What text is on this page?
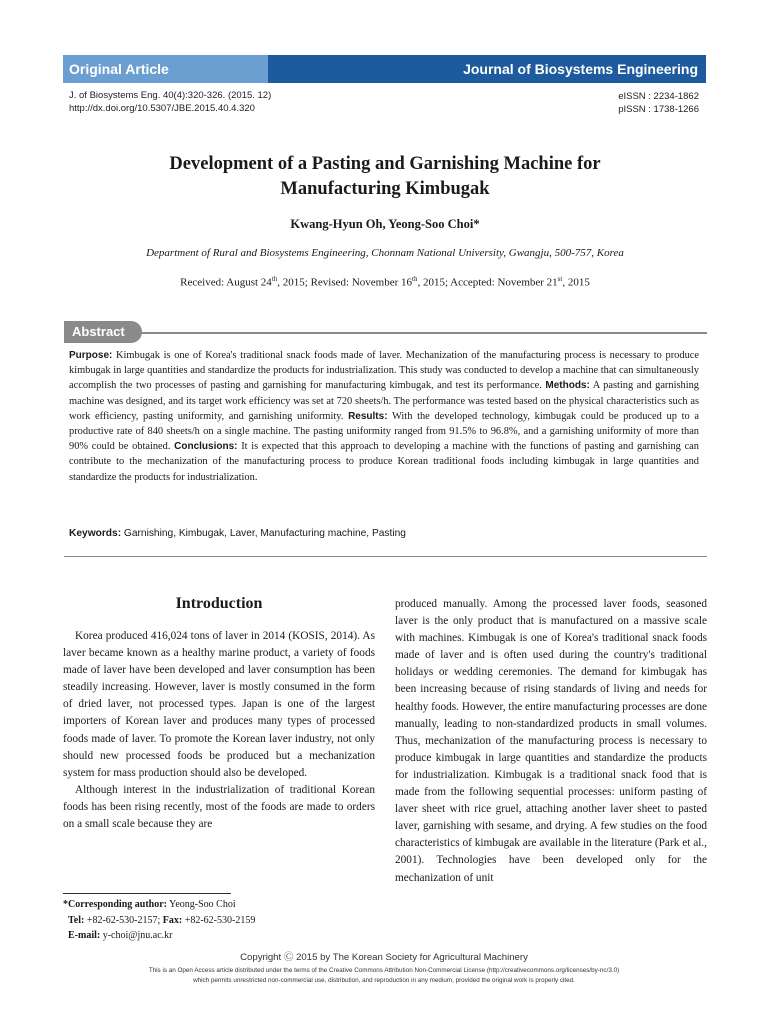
Original Article	Journal of Biosystems Engineering
J. of Biosystems Eng. 40(4):320-326. (2015. 12)
http://dx.doi.org/10.5307/JBE.2015.40.4.320
eISSN : 2234-1862
pISSN : 1738-1266
Development of a Pasting and Garnishing Machine for
Manufacturing Kimbugak
Kwang-Hyun Oh, Yeong-Soo Choi*
Department of Rural and Biosystems Engineering, Chonnam National University, Gwangju, 500-757, Korea
Received: August 24th, 2015; Revised: November 16th, 2015; Accepted: November 21st, 2015
Abstract
Purpose: Kimbugak is one of Korea's traditional snack foods made of laver. Mechanization of the manufacturing process is necessary to produce kimbugak in large quantities and standardize the products for industrialization. This study was conducted to develop a machine that can simultaneously accomplish the two processes of pasting and garnishing for manufacturing kimbugak, and test its performance. Methods: A pasting and garnishing machine was designed, and its target work efficiency was set at 720 sheets/h. The performance was tested based on the physical characteristics such as work efficiency, pasting uniformity, and garnishing uniformity. Results: With the developed technology, kimbugak could be produced up to a productive rate of 840 sheets/h on a single machine. The pasting uniformity ranged from 91.5% to 96.8%, and a garnishing uniformity of more than 90% could be obtained. Conclusions: It is expected that this approach to developing a machine with the functions of pasting and garnishing can contribute to the mechanization of the manufacturing process to produce Korean traditional foods including kimbugak in large quantities and standardize the products for industrialization.
Keywords: Garnishing, Kimbugak, Laver, Manufacturing machine, Pasting
Introduction

Korea produced 416,024 tons of laver in 2014 (KOSIS, 2014). As laver became known as a healthy marine product, a variety of foods made of laver have been developed and laver consumption has been steadily increasing. However, laver is mostly consumed in the form of dried laver, not processed types. Japan is one of the largest importers of Korean laver and produces many types of processed foods made of laver. To promote the Korean laver industry, not only should new processed foods be produced but a mechanization system for mass production should also be developed.

Although interest in the industrialization of traditional Korean foods has been rising recently, most of the foods are made to orders on a small scale because they are

produced manually. Among the processed laver foods, seasoned laver is the only product that is manufactured on a massive scale with machines. Kimbugak is one of Korea's traditional snack foods made of laver and is often used during the country's traditional holidays or wedding ceremonies. The demand for kimbugak has been increasing because of rising standards of living and needs for healthy foods. However, the entire manufacturing processes are done manually, leading to non-standardized products in small volumes. Thus, mechanization of the manufacturing process is necessary to produce kimbugak in large quantities and standardize the products for industrialization. Kimbugak is a traditional snack food that is made from the following sequential processes: uniform pasting of laver sheet with rice gruel, attaching another laver sheet to pasted laver, garnishing with sesame, and drying. A few studies on the food characteristics of kimbugak are available in the literature (Park et al., 2001). Technologies have been developed only for the mechanization of unit

*Corresponding author: Yeong-Soo Choi
Tel: +82-62-530-2157; Fax: +82-62-530-2159
E-mail: y-choi@jnu.ac.kr
Copyright Ⓒ 2015 by The Korean Society for Agricultural Machinery
This is an Open Access article distributed under the terms of the Creative Commons Attribution Non-Commercial License (http://creativecommons.org/licenses/by-nc/3.0)
which permits unrestricted non-commercial use, distribution, and reproduction in any medium, provided the original work is properly cited.
